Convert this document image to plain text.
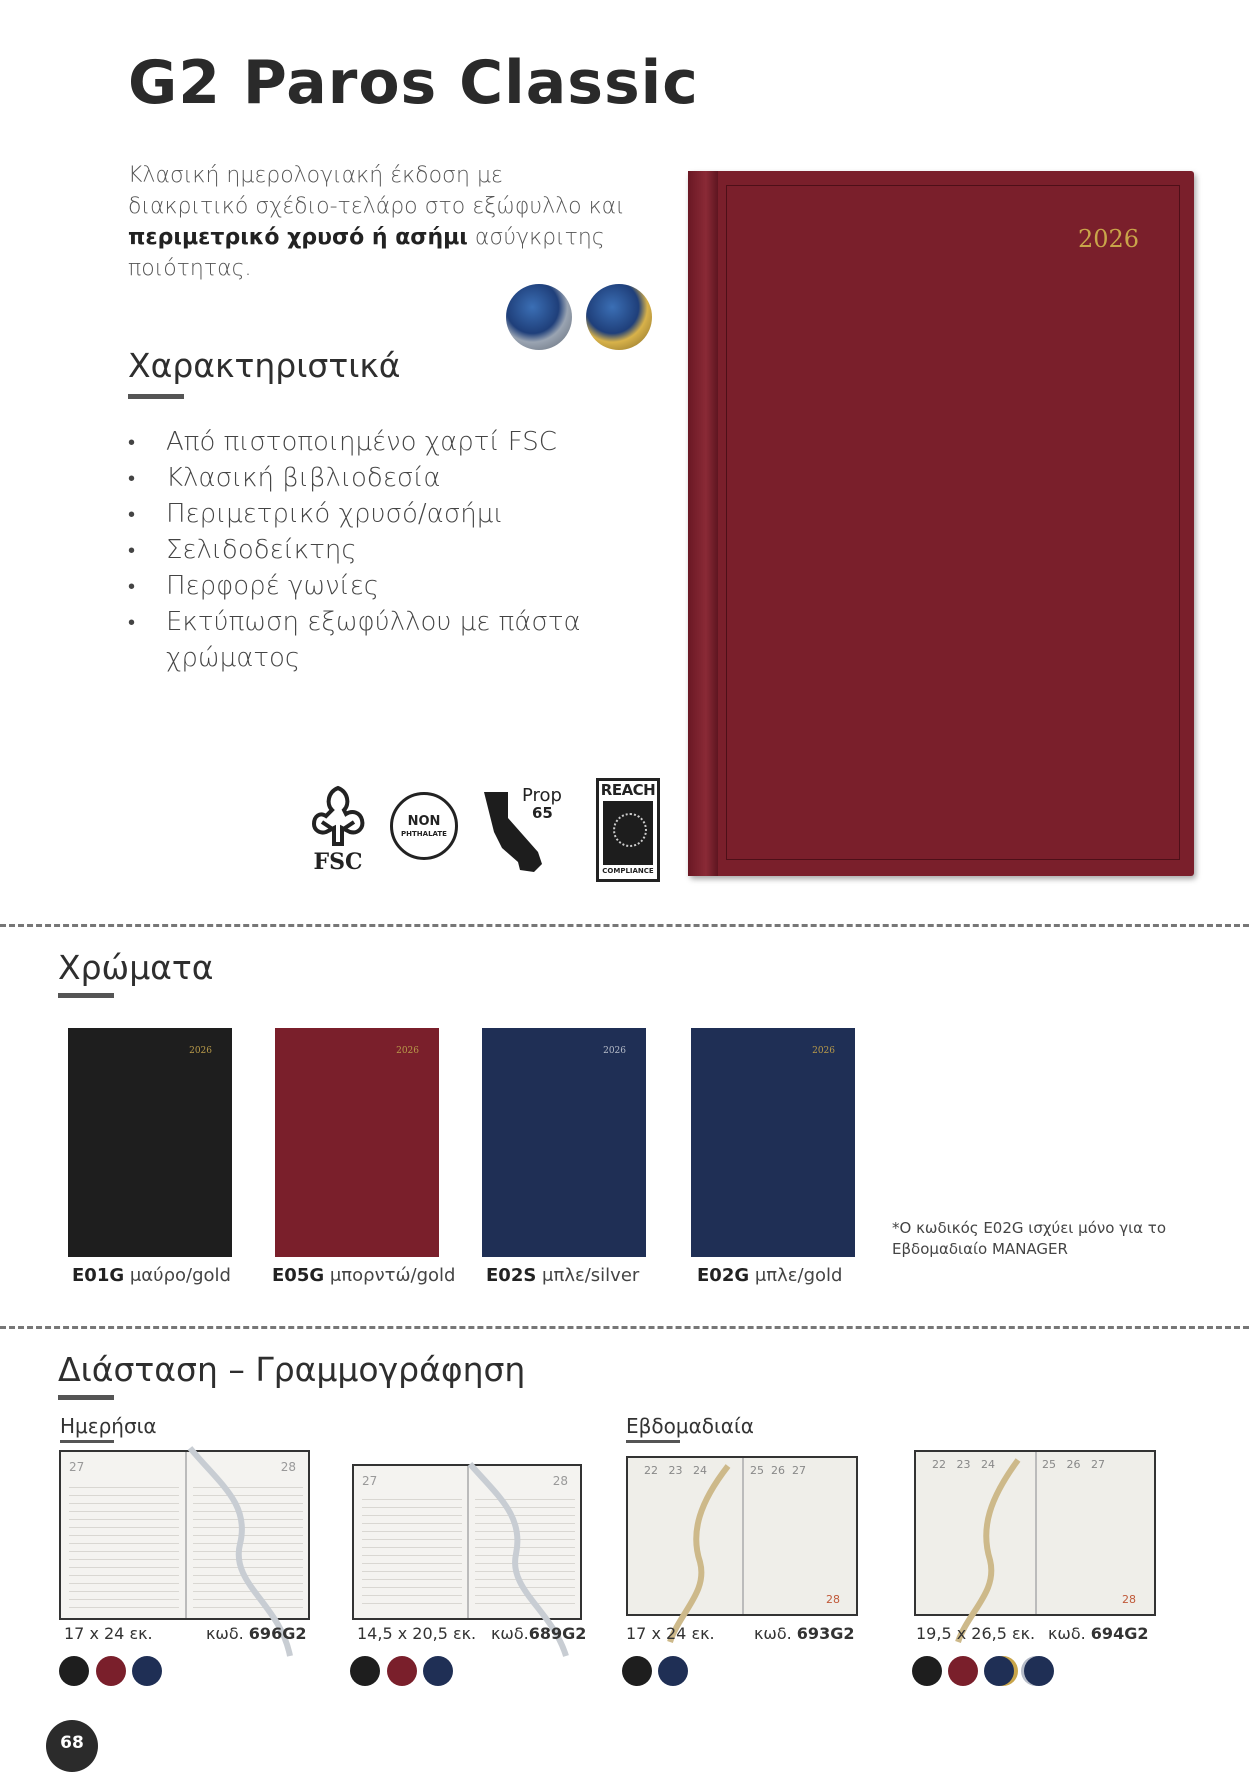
G2 Paros Classic
Κλασική ημερολογιακή έκδοση με
διακριτικό σχέδιο-τελάρο στο εξώφυλλο και
περιμετρικό χρυσό ή ασήμι ασύγκριτης
ποιότητας.
Χαρακτηριστικά
• Από πιστοποιημένο χαρτί FSC
• Κλασική βιβλιοδεσία
• Περιμετρικό χρυσό/ασήμι
• Σελιδοδείκτης
• Περφορέ γωνίες
• Εκτύπωση εξωφύλλου με πάστα χρώματος
FSC
NON
PHTHALATE
Prop
65
REACH
COMPLIANCE
2026
Χρώματα
2026	2026	2026	2026
E01G μαύρο/gold E05G μπορντώ/gold E02S μπλε/silver	E02G μπλε/gold
*Ο κωδικός E02G ισχύει μόνο για το
Εβδομαδιαίο MANAGER
Διάσταση – Γραμμογράφηση
Ημερήσια	Εβδομαδιαία
27	28
17 x 24 εκ.	κωδ. 696G2
27	28
14,5 x 20,5 εκ. κωδ.689G2
22 23 24	25 26 27
28
17 x 24 εκ. κωδ. 693G2
22 23 24	25 26 27
28
19,5 x 26,5 εκ. κωδ. 694G2
68
